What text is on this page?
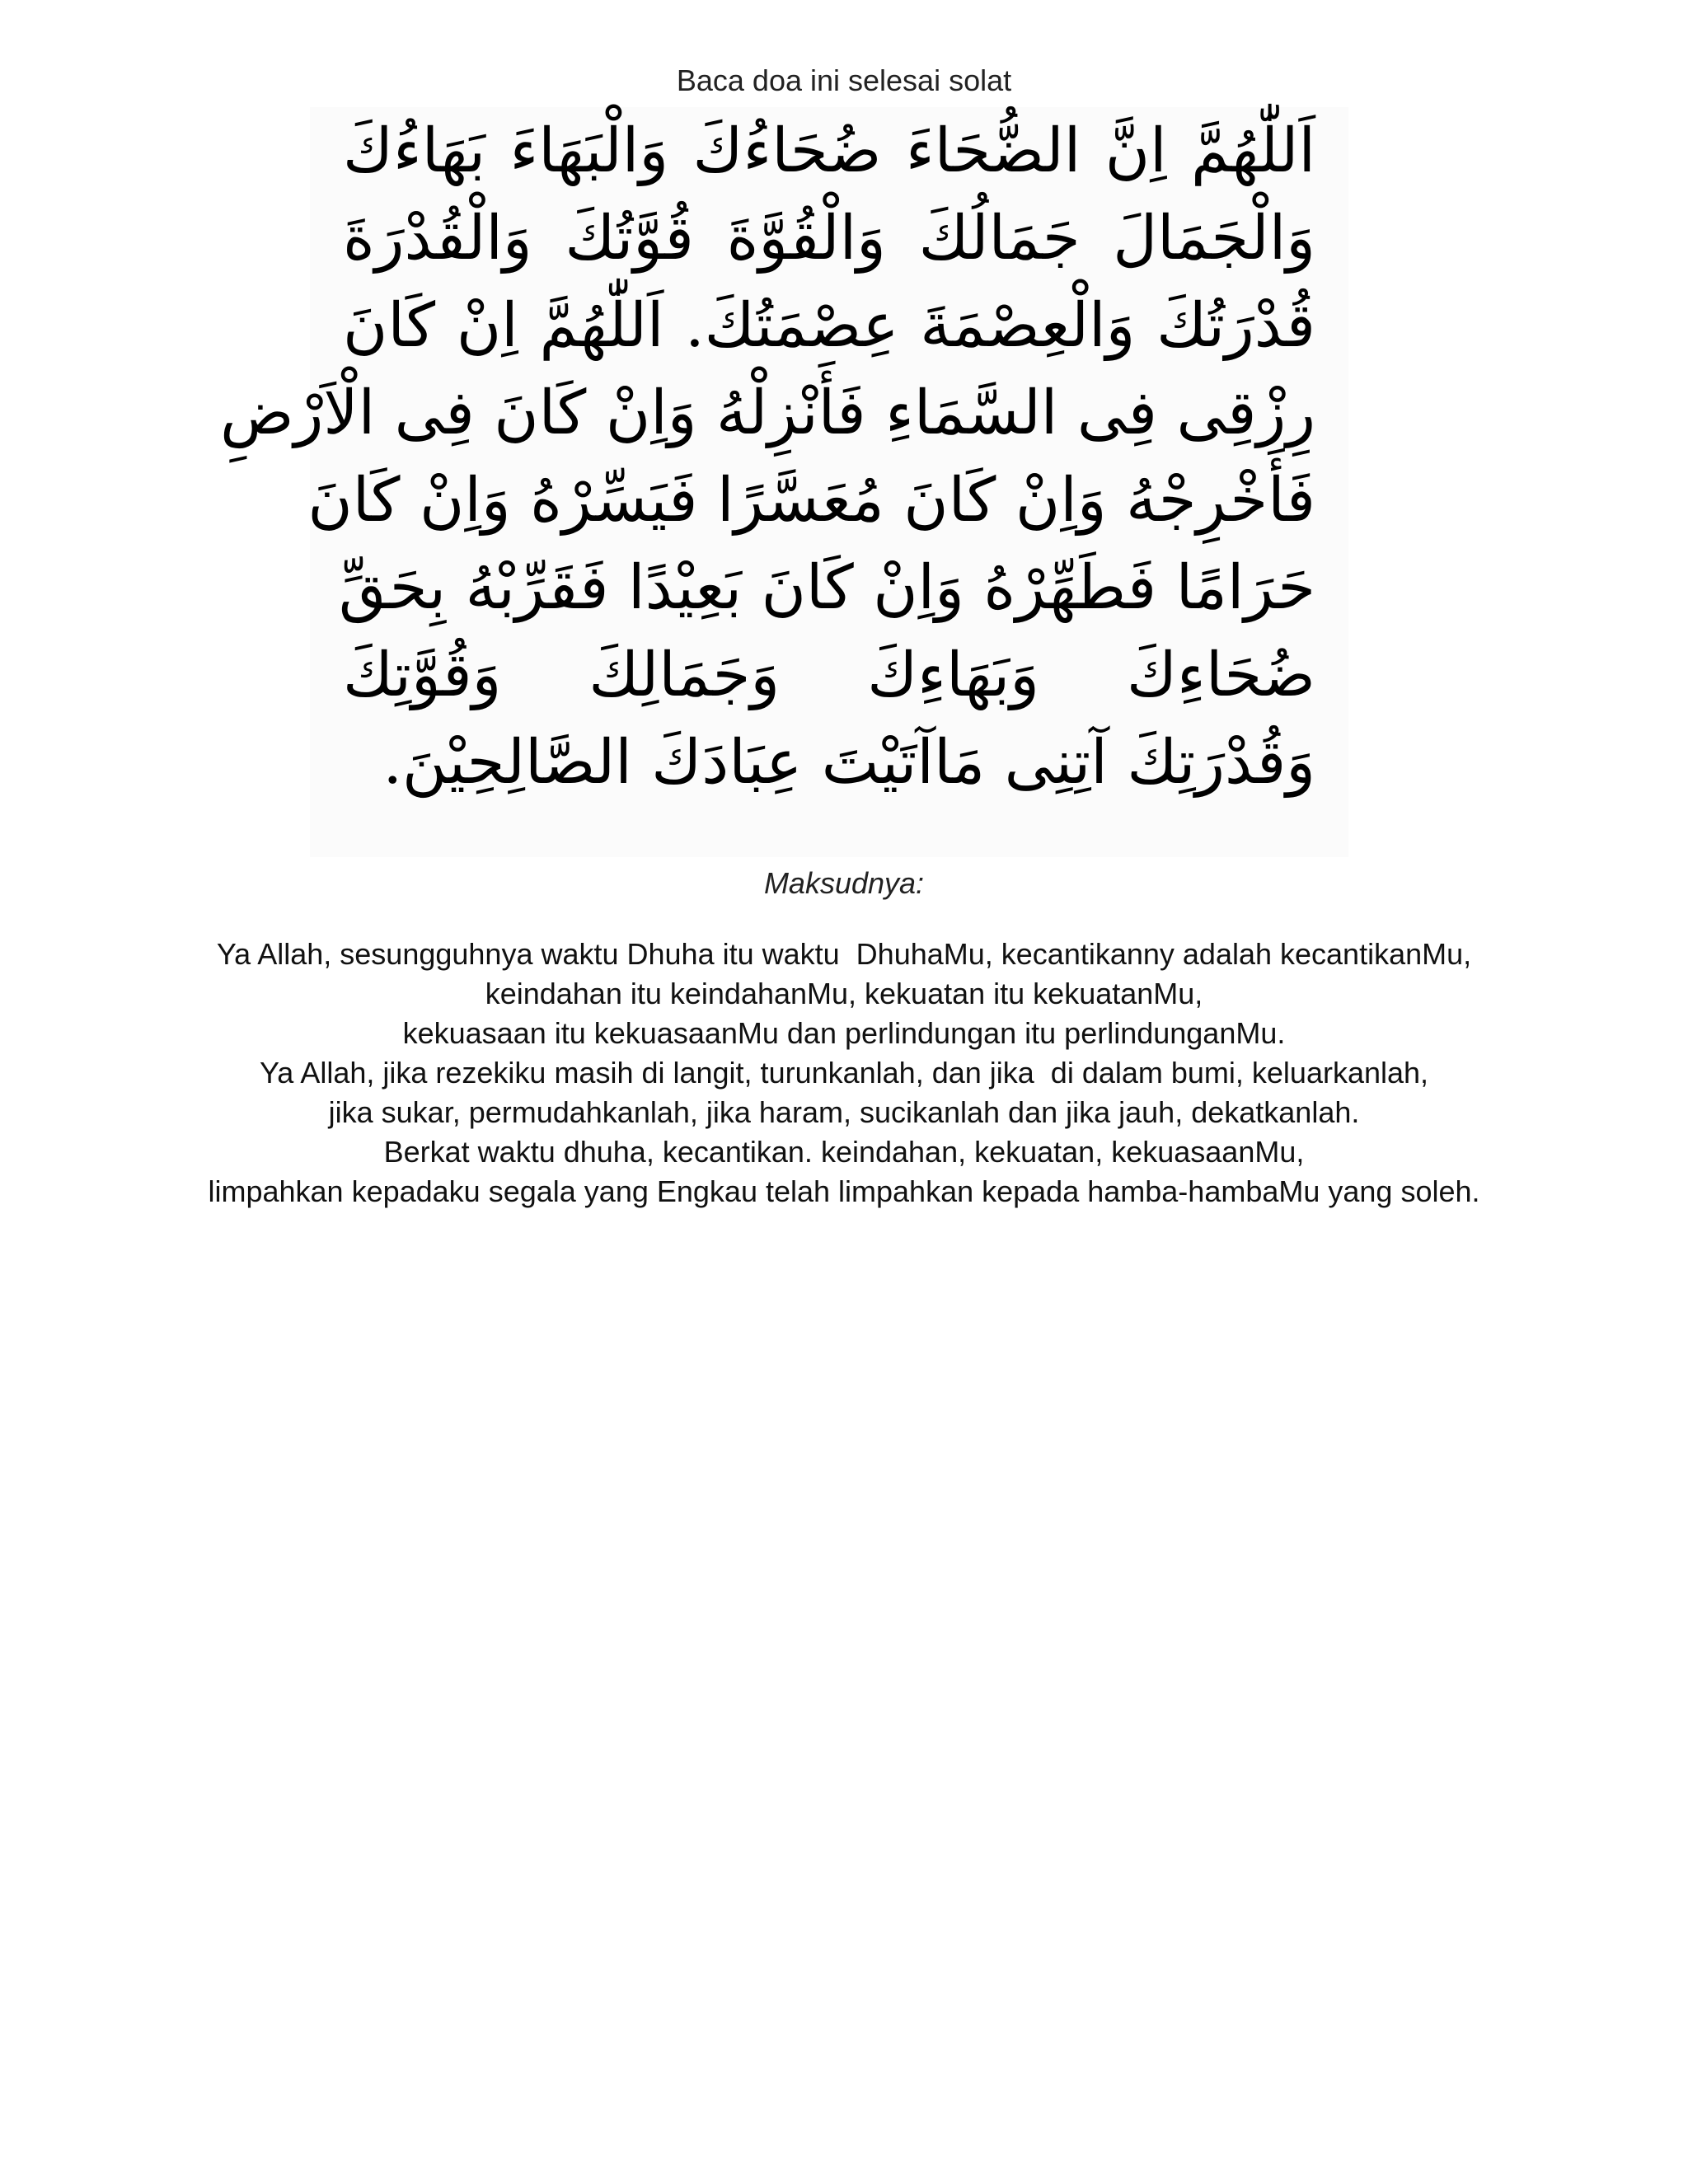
Baca doa ini selesai solat
اَللّٰهُمَّ اِنَّ الضُّحَاءَ ضُحَاءُكَ وَالْبَهَاءَ بَهَاءُكَ
وَالْجَمَالَ جَمَالُكَ وَالْقُوَّةَ قُوَّتُكَ وَالْقُدْرَةَ
قُدْرَتُكَ وَالْعِصْمَةَ عِصْمَتُكَ. اَللّٰهُمَّ اِنْ كَانَ
رِزْقِى فِى السَّمَاءِ فَأَنْزِلْهُ وَاِنْ كَانَ فِى الْاَرْضِ
فَأَخْرِجْهُ وَاِنْ كَانَ مُعَسَّرًا فَيَسِّرْهُ وَاِنْ كَانَ
حَرَامًا فَطَهِّرْهُ وَاِنْ كَانَ بَعِيْدًا فَقَرِّبْهُ بِحَقِّ
ضُحَاءِكَ وَبَهَاءِكَ وَجَمَالِكَ وَقُوَّتِكَ
وَقُدْرَتِكَ آتِنِى مَاآتَيْتَ عِبَادَكَ الصَّالِحِيْنَ.
Maksudnya:
Ya Allah, sesungguhnya waktu Dhuha itu waktu  DhuhaMu, kecantikanny adalah kecantikanMu,
keindahan itu keindahanMu, kekuatan itu kekuatanMu,
kekuasaan itu kekuasaanMu dan perlindungan itu perlindunganMu.
Ya Allah, jika rezekiku masih di langit, turunkanlah, dan jika  di dalam bumi, keluarkanlah,
jika sukar, permudahkanlah, jika haram, sucikanlah dan jika jauh, dekatkanlah.
Berkat waktu dhuha, kecantikan. keindahan, kekuatan, kekuasaanMu,
limpahkan kepadaku segala yang Engkau telah limpahkan kepada hamba-hambaMu yang soleh.
